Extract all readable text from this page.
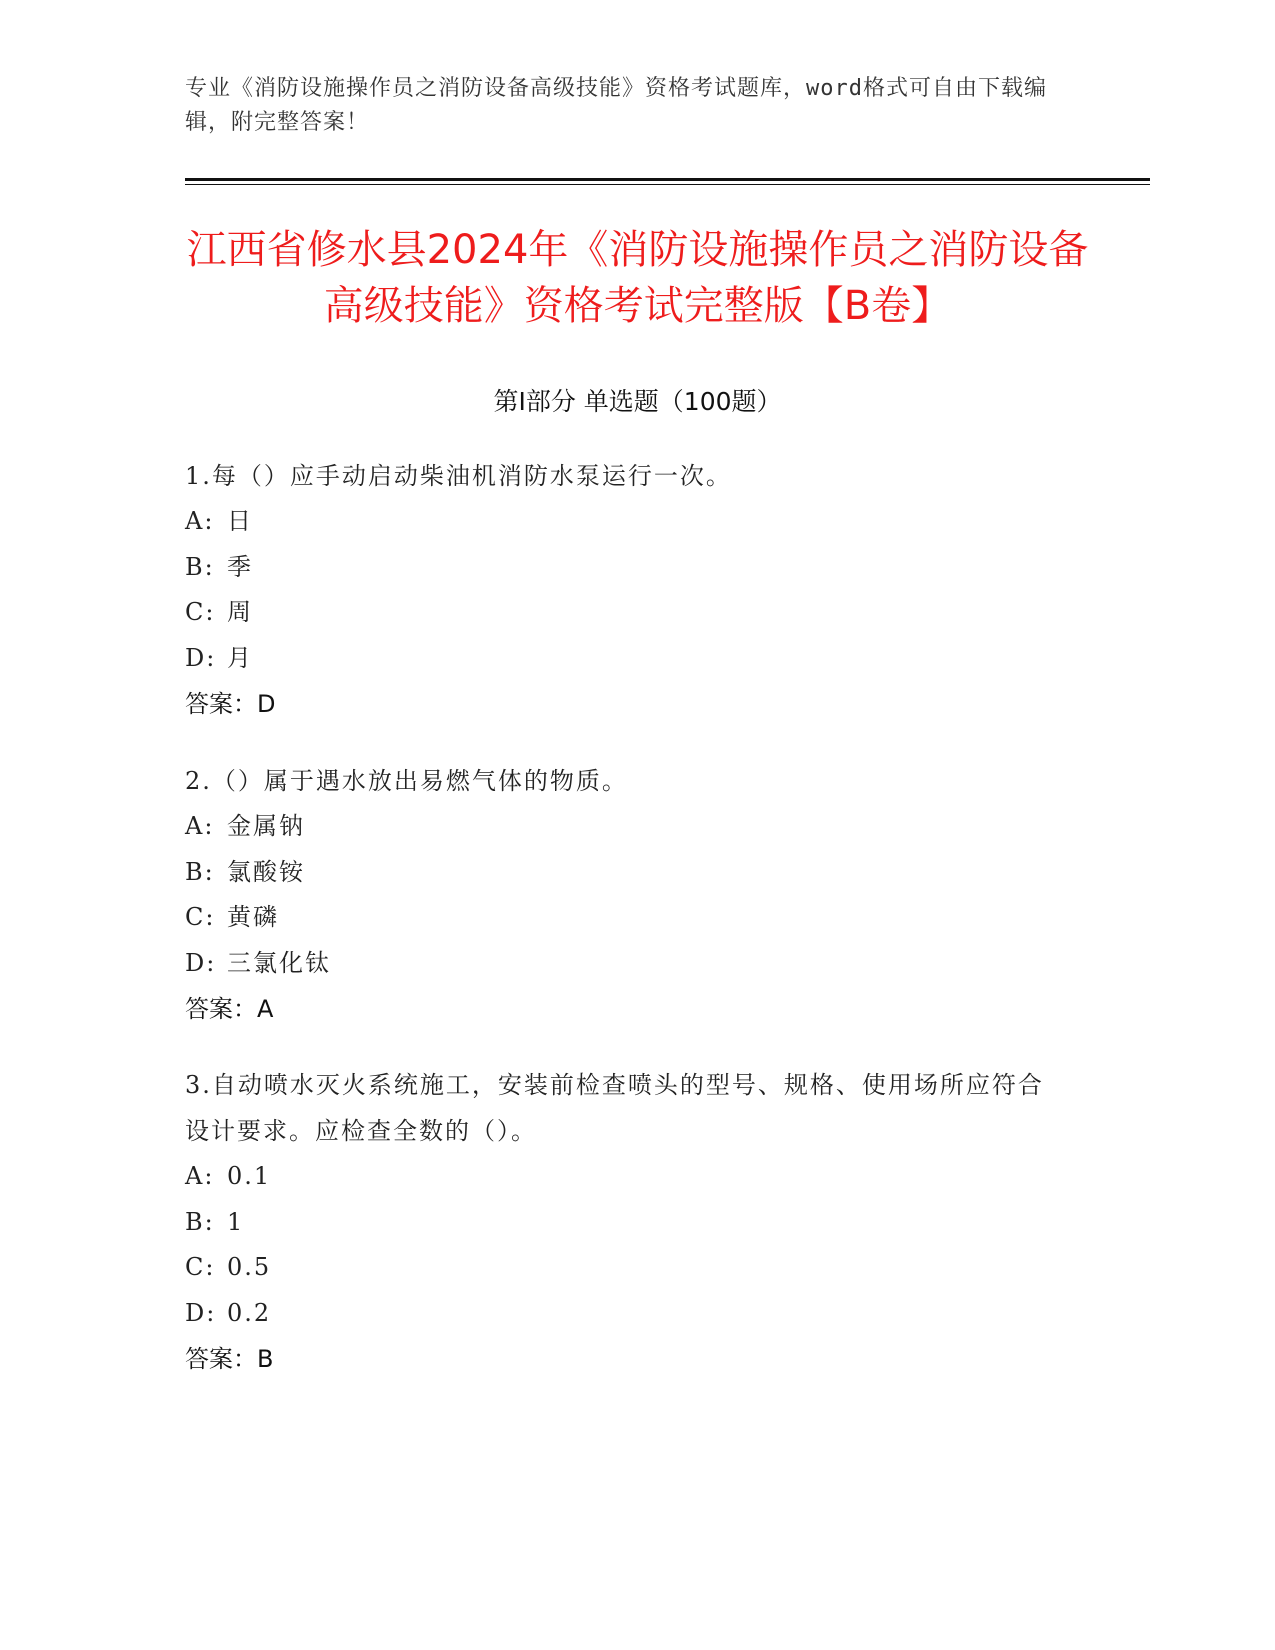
专业《消防设施操作员之消防设备高级技能》资格考试题库，word格式可自由下载编辑，附完整答案！
江西省修水县2024年《消防设施操作员之消防设备高级技能》资格考试完整版【B卷】
第Ⅰ部分 单选题（100题）
1.每（）应手动启动柴油机消防水泵运行一次。
A: 日
B: 季
C: 周
D: 月
答案：D
2.（）属于遇水放出易燃气体的物质。
A: 金属钠
B: 氯酸铵
C: 黄磷
D: 三氯化钛
答案：A
3.自动喷水灭火系统施工，安装前检查喷头的型号、规格、使用场所应符合设计要求。应检查全数的（）。
A: 0.1
B: 1
C: 0.5
D: 0.2
答案：B
